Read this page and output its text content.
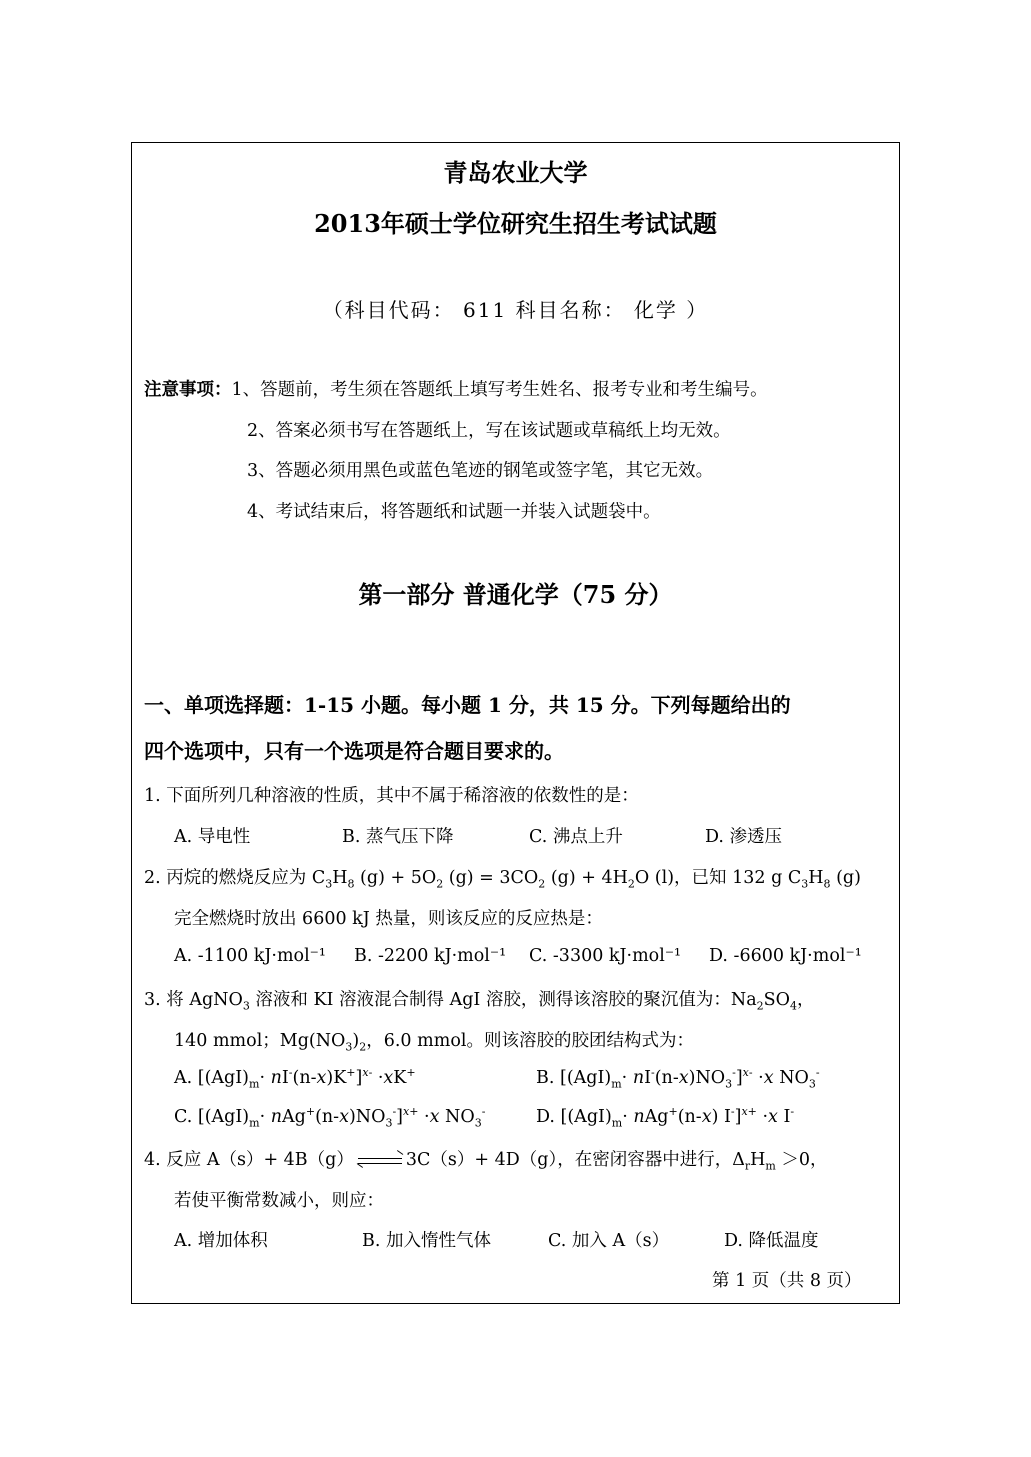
青岛农业大学
2013年硕士学位研究生招生考试试题
（科目代码： 611 科目名称： 化学 ）
注意事项：1、答题前，考生须在答题纸上填写考生姓名、报考专业和考生编号。
2、答案必须书写在答题纸上，写在该试题或草稿纸上均无效。
3、答题必须用黑色或蓝色笔迹的钢笔或签字笔，其它无效。
4、考试结束后，将答题纸和试题一并装入试题袋中。
第一部分 普通化学（75 分）
一、单项选择题：1-15 小题。每小题 1 分，共 15 分。下列每题给出的
四个选项中，只有一个选项是符合题目要求的。
1. 下面所列几种溶液的性质，其中不属于稀溶液的依数性的是：
A. 导电性	B. 蒸气压下降	C. 沸点上升	D. 渗透压
2. 丙烷的燃烧反应为 $C_3H_8$ $(g) + 5O_2$ $(g) = 3CO_2$ $(g) + 4H_2O$ (l)，已知 132 g $C_3H_8$ (g)
完全燃烧时放出 6600 kJ 热量，则该反应的反应热是：
A. -1100 kJ·mol⁻¹ B. -2200 kJ·mol⁻¹ C. -3300 kJ·mol⁻¹ D. -6600 kJ·mol⁻¹
3. 将 AgNO$_3$ 溶液和 KI 溶液混合制得 AgI 溶胶，测得该溶胶的聚沉值为：$Na_2SO_4$，
140 mmol；$Mg(NO_3)_2$，6.0 mmol。则该溶胶的胶团结构式为：
A. $[(AgI)_m\cdot nI^-(n-x)K^+]^{x-} \cdot xK^+$	B. $[(AgI)_m\cdot nI^-(n-x)NO_3^-]^{x-} \cdot x$ $NO_3^-$
C. $[(AgI)_m\cdot nAg^+(n-x)NO_3^-]^{x+} \cdot x$ $NO_3^-$	D. [$(AgI)_m\cdot nAg^+(n-x)$ I-]$^{x+}$ ·x I-
4. 反应 A（s）+ 4B（g）	3C（s）+ 4D（g），在密闭容器中进行，$\Delta_rH_m >0$，
若使平衡常数减小，则应：
A. 增加体积	B. 加入惰性气体	C. 加入 A（s）	D. 降低温度
第 1 页（共 8 页）
